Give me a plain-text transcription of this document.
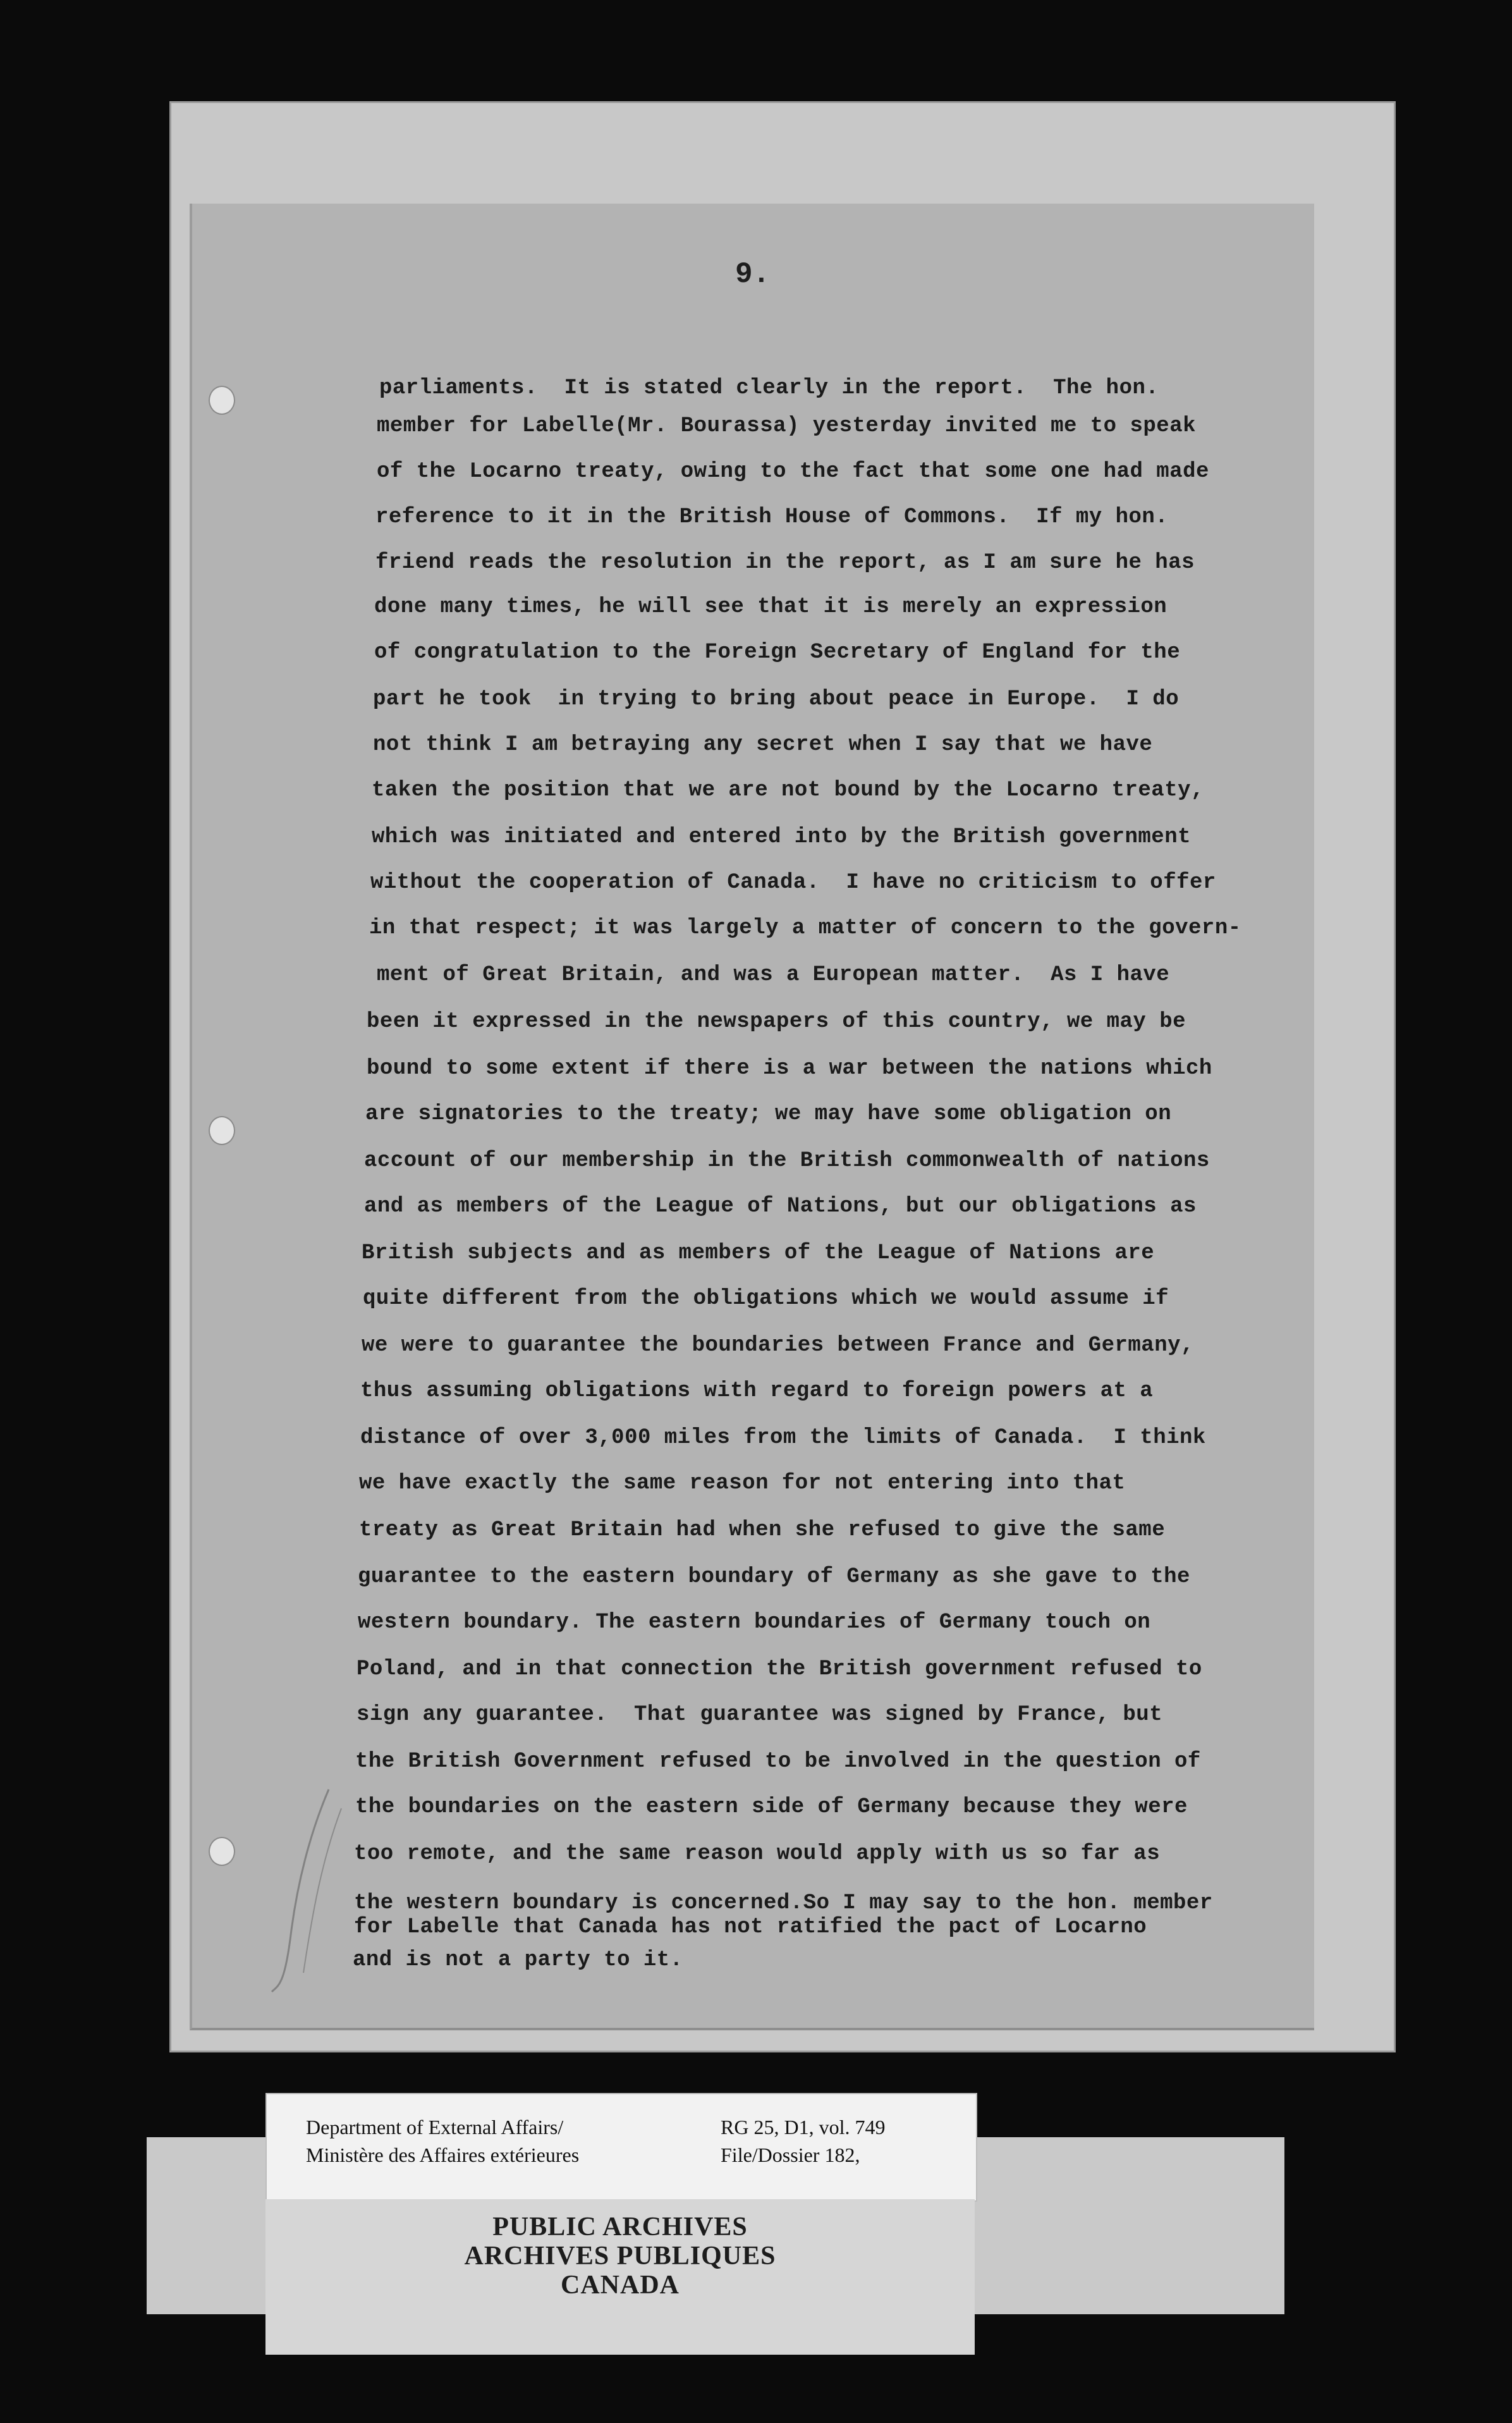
9.
parliaments.  It is stated clearly in the report.  The hon.
member for Labelle(Mr. Bourassa) yesterday invited me to speak
of the Locarno treaty, owing to the fact that some one had made
reference to it in the British House of Commons.  If my hon.
friend reads the resolution in the report, as I am sure he has
done many times, he will see that it is merely an expression
of congratulation to the Foreign Secretary of England for the
part he took  in trying to bring about peace in Europe.  I do
not think I am betraying any secret when I say that we have
taken the position that we are not bound by the Locarno treaty,
which was initiated and entered into by the British government
without the cooperation of Canada.  I have no criticism to offer
in that respect; it was largely a matter of concern to the govern-
ment of Great Britain, and was a European matter.  As I have
been it expressed in the newspapers of this country, we may be
bound to some extent if there is a war between the nations which
are signatories to the treaty; we may have some obligation on
account of our membership in the British commonwealth of nations
and as members of the League of Nations, but our obligations as
British subjects and as members of the League of Nations are
quite different from the obligations which we would assume if
we were to guarantee the boundaries between France and Germany,
thus assuming obligations with regard to foreign powers at a
distance of over 3,000 miles from the limits of Canada.  I think
we have exactly the same reason for not entering into that
treaty as Great Britain had when she refused to give the same
guarantee to the eastern boundary of Germany as she gave to the
western boundary. The eastern boundaries of Germany touch on
Poland, and in that connection the British government refused to
sign any guarantee.  That guarantee was signed by France, but
the British Government refused to be involved in the question of
the boundaries on the eastern side of Germany because they were
too remote, and the same reason would apply with us so far as
the western boundary is concerned.So I may say to the hon. member
for Labelle that Canada has not ratified the pact of Locarno
and is not a party to it.
Department of External Affairs/
Ministère des Affaires extérieures
RG 25, D1, vol. 749
File/Dossier 182,
PUBLIC ARCHIVES
ARCHIVES PUBLIQUES
CANADA
